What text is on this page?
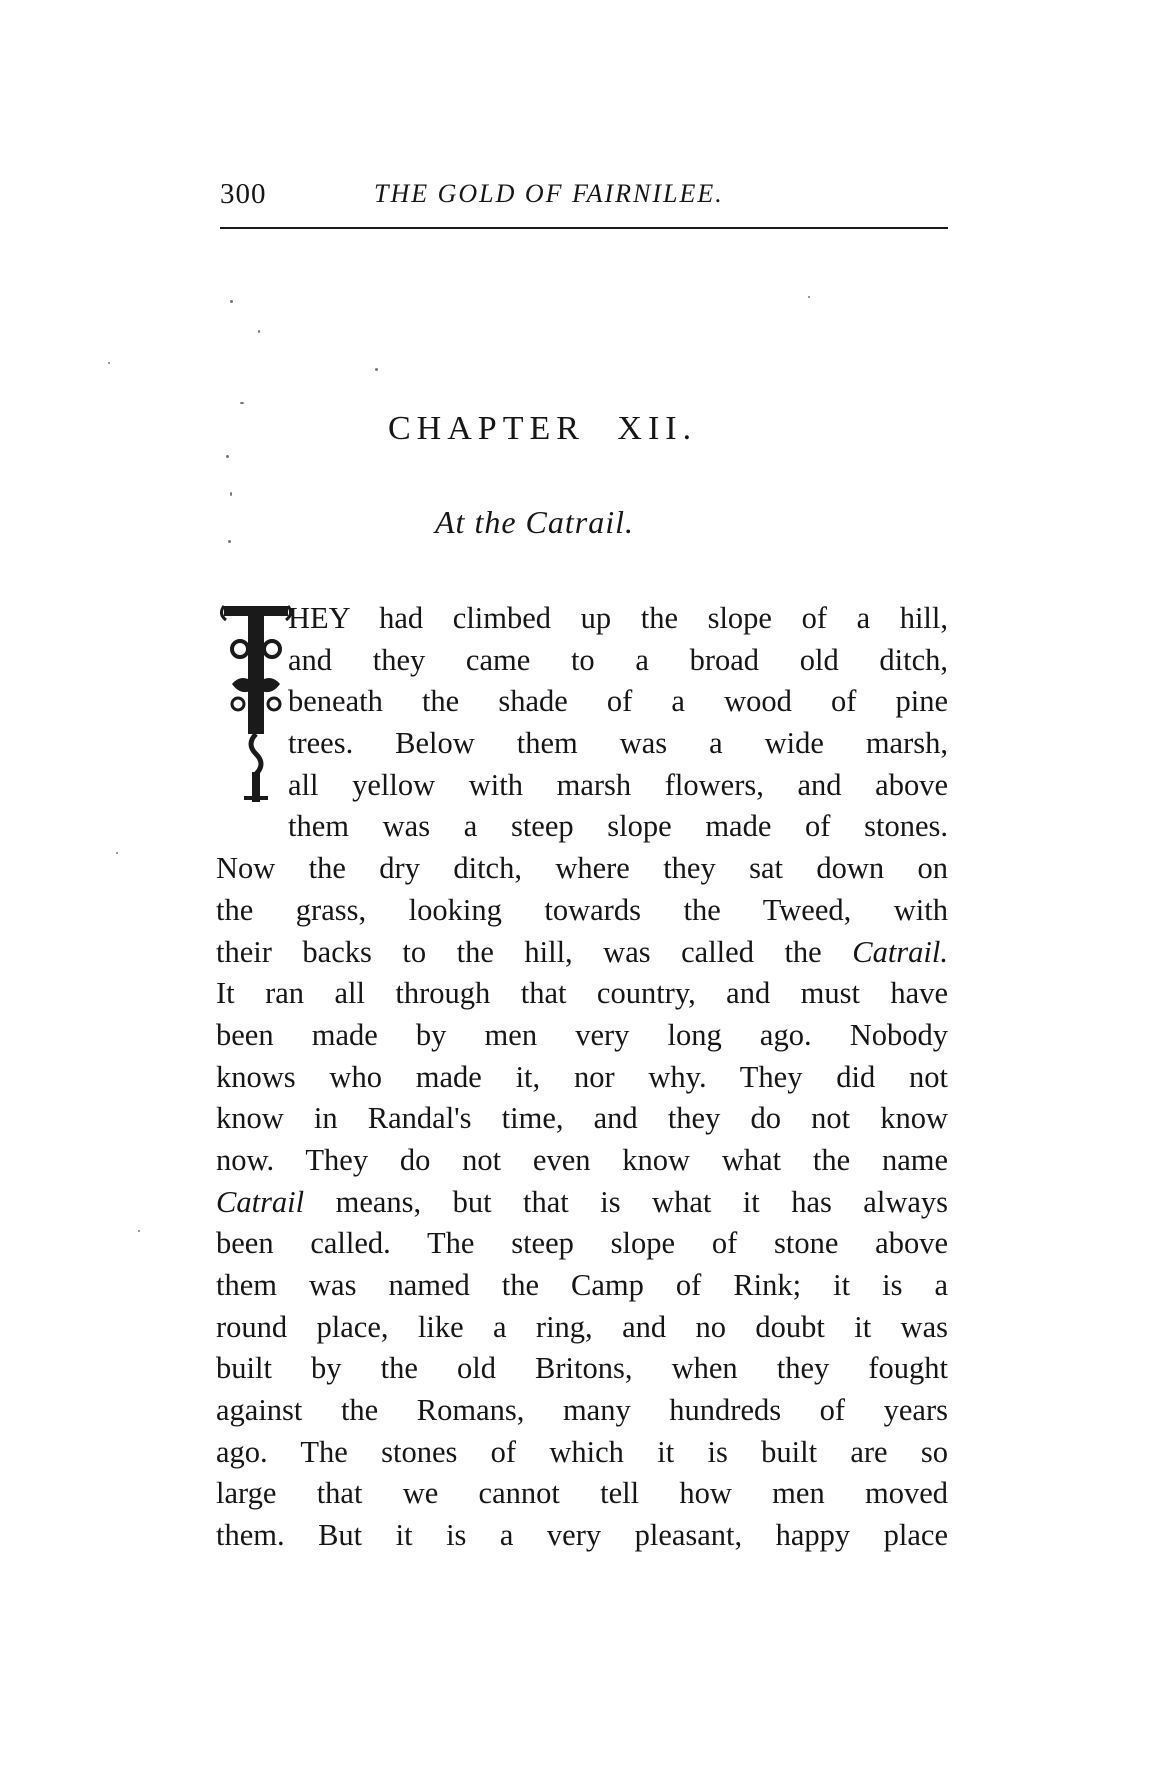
300	THE GOLD OF FAIRNILEE.
CHAPTER XII.
At the Catrail.
HEY had climbed up the slope of a hill,
and they came to a broad old ditch,
beneath the shade of a wood of pine
trees. Below them was a wide marsh,
all yellow with marsh flowers, and above
them was a steep slope made of stones.
Now the dry ditch, where they sat down on
the grass, looking towards the Tweed, with
their backs to the hill, was called the Catrail.
It ran all through that country, and must have
been made by men very long ago. Nobody
knows who made it, nor why. They did not
know in Randal's time, and they do not know
now. They do not even know what the name
Catrail means, but that is what it has always
been called. The steep slope of stone above
them was named the Camp of Rink; it is a
round place, like a ring, and no doubt it was
built by the old Britons, when they fought
against the Romans, many hundreds of years
ago. The stones of which it is built are so
large that we cannot tell how men moved
them. But it is a very pleasant, happy place
